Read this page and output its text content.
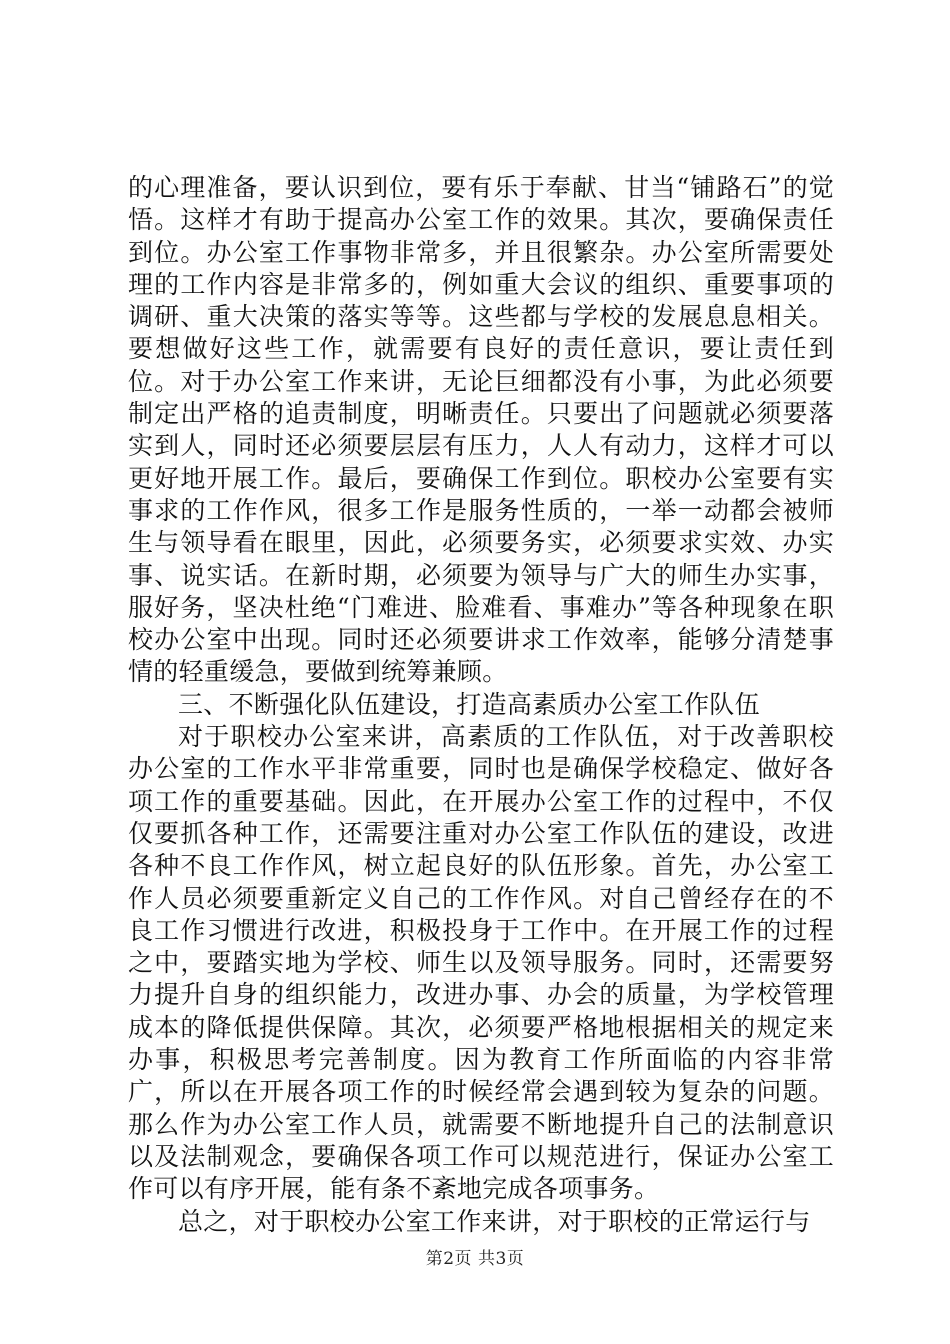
的心理准备，要认识到位，要有乐于奉献、甘当“铺路石”的觉悟。这样才有助于提高办公室工作的效果。其次，要确保责任到位。办公室工作事物非常多，并且很繁杂。办公室所需要处理的工作内容是非常多的，例如重大会议的组织、重要事项的调研、重大决策的落实等等。这些都与学校的发展息息相关。要想做好这些工作，就需要有良好的责任意识，要让责任到位。对于办公室工作来讲，无论巨细都没有小事，为此必须要制定出严格的追责制度，明晰责任。只要出了问题就必须要落实到人，同时还必须要层层有压力，人人有动力，这样才可以更好地开展工作。最后，要确保工作到位。职校办公室要有实事求的工作作风，很多工作是服务性质的，一举一动都会被师生与领导看在眼里，因此，必须要务实，必须要求实效、办实事、说实话。在新时期，必须要为领导与广大的师生办实事，服好务，坚决杜绝“门难进、脸难看、事难办”等各种现象在职校办公室中出现。同时还必须要讲求工作效率，能够分清楚事情的轻重缓急，要做到统筹兼顾。

三、不断强化队伍建设，打造高素质办公室工作队伍

对于职校办公室来讲，高素质的工作队伍，对于改善职校办公室的工作水平非常重要，同时也是确保学校稳定、做好各项工作的重要基础。因此，在开展办公室工作的过程中，不仅仅要抓各种工作，还需要注重对办公室工作队伍的建设，改进各种不良工作作风，树立起良好的队伍形象。首先，办公室工作人员必须要重新定义自己的工作作风。对自己曾经存在的不良工作习惯进行改进，积极投身于工作中。在开展工作的过程之中，要踏实地为学校、师生以及领导服务。同时，还需要努力提升自身的组织能力，改进办事、办会的质量，为学校管理成本的降低提供保障。其次，必须要严格地根据相关的规定来办事，积极思考完善制度。因为教育工作所面临的内容非常广，所以在开展各项工作的时候经常会遇到较为复杂的问题。那么作为办公室工作人员，就需要不断地提升自己的法制意识以及法制观念，要确保各项工作可以规范进行，保证办公室工作可以有序开展，能有条不紊地完成各项事务。

总之，对于职校办公室工作来讲，对于职校的正常运行与

第2页 共3页
